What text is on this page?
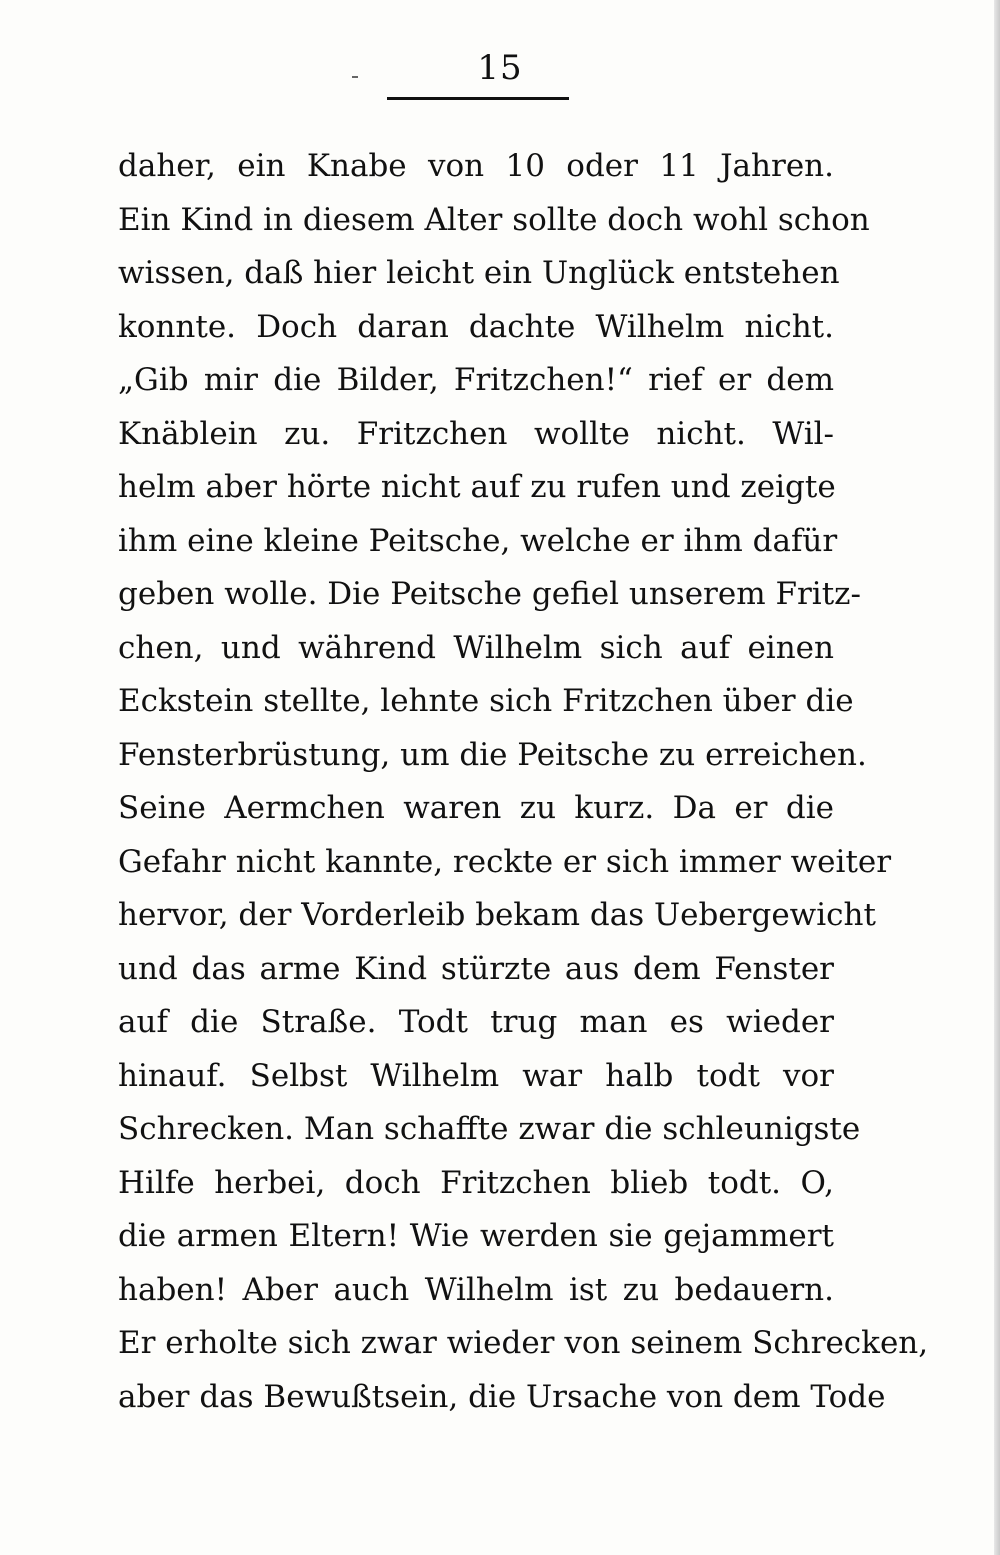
15
daher, ein Knabe von 10 oder 11 Jahren.
Ein Kind in diesem Alter sollte doch wohl schon
wissen, daß hier leicht ein Unglück entstehen
konnte. Doch daran dachte Wilhelm nicht.
„Gib mir die Bilder, Fritzchen!“ rief er dem
Knäblein zu. Fritzchen wollte nicht. Wil-
helm aber hörte nicht auf zu rufen und zeigte
ihm eine kleine Peitsche, welche er ihm dafür
geben wolle. Die Peitsche gefiel unserem Fritz-
chen, und während Wilhelm sich auf einen
Eckstein stellte, lehnte sich Fritzchen über die
Fensterbrüstung, um die Peitsche zu erreichen.
Seine Aermchen waren zu kurz. Da er die
Gefahr nicht kannte, reckte er sich immer weiter
hervor, der Vorderleib bekam das Uebergewicht
und das arme Kind stürzte aus dem Fenster
auf die Straße. Todt trug man es wieder
hinauf. Selbst Wilhelm war halb todt vor
Schrecken. Man schaffte zwar die schleunigste
Hilfe herbei, doch Fritzchen blieb todt. O,
die armen Eltern! Wie werden sie gejammert
haben! Aber auch Wilhelm ist zu bedauern.
Er erholte sich zwar wieder von seinem Schrecken,
aber das Bewußtsein, die Ursache von dem Tode
